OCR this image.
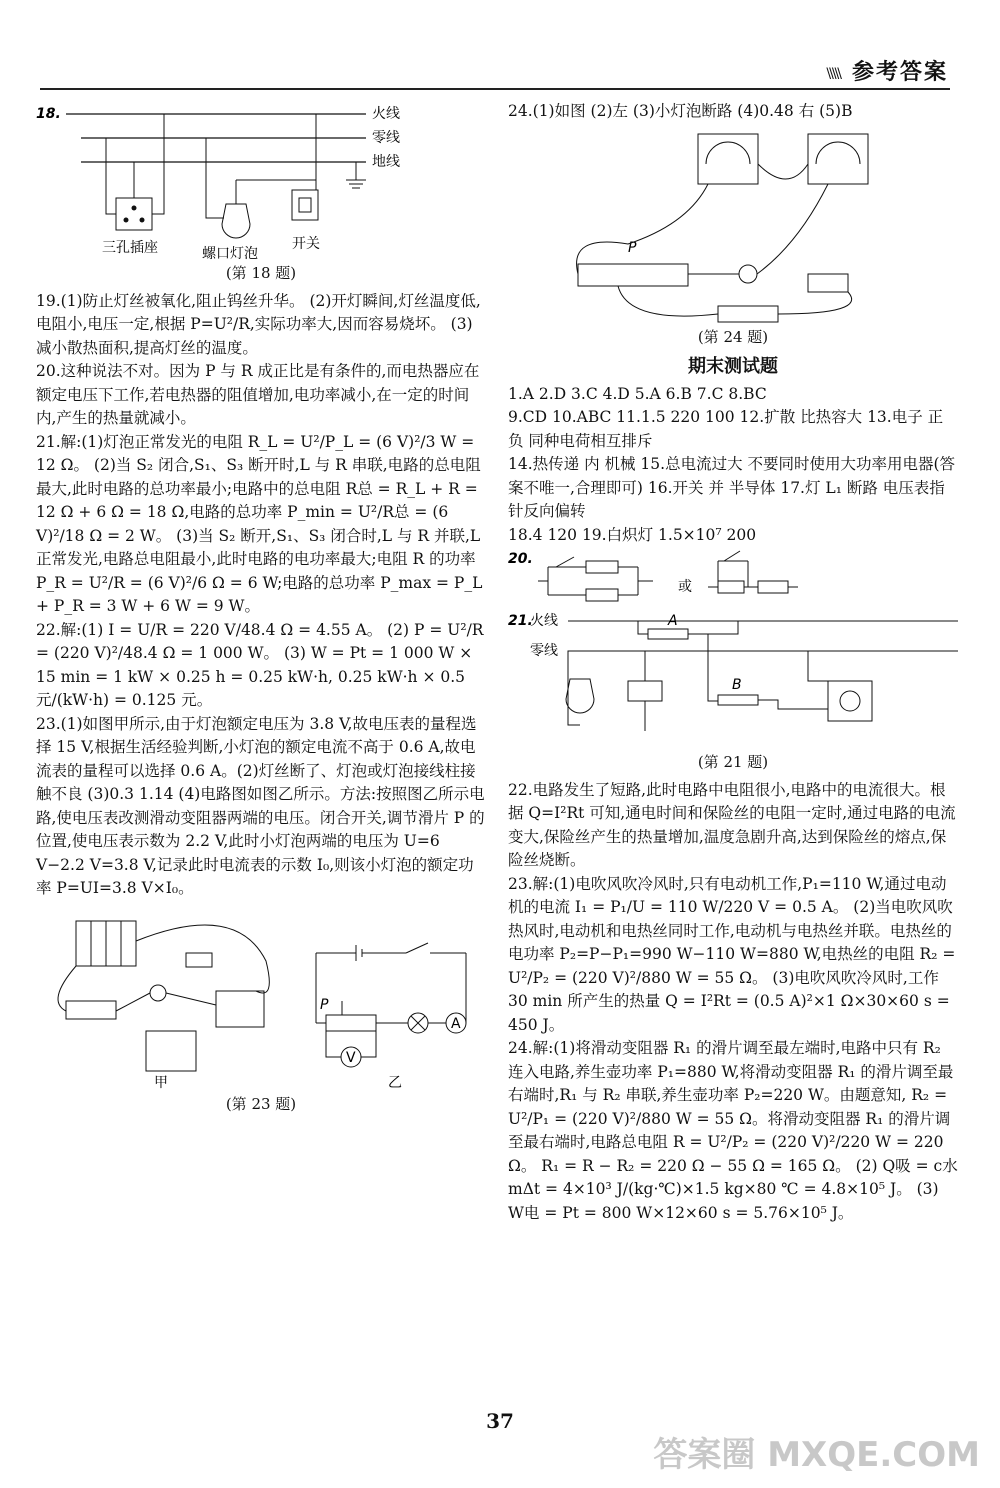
\\\\\ 参考答案
18.	火线
零线
地线
三孔插座	螺口灯泡
开关

(第 18 题)

19.(1)防止灯丝被氧化,阻止钨丝升华。 (2)开灯瞬间,灯丝温度低,电阻小,电压一定,根据 P=U²/R,实际功率大,因而容易烧坏。 (3)减小散热面积,提高灯丝的温度。

20.这种说法不对。因为 P 与 R 成正比是有条件的,而电热器应在额定电压下工作,若电热器的阻值增加,电功率减小,在一定的时间内,产生的热量就减小。

21.解:(1)灯泡正常发光的电阻 R_L = U²/P_L = (6 V)²/3 W = 12 Ω。 (2)当 S₂ 闭合,S₁、S₃ 断开时,L 与 R 串联,电路的总电阻最大,此时电路的总功率最小;电路中的总电阻 R总 = R_L + R = 12 Ω + 6 Ω = 18 Ω,电路的总功率 P_min = U²/R总 = (6 V)²/18 Ω = 2 W。 (3)当 S₂ 断开,S₁、S₃ 闭合时,L 与 R 并联,L 正常发光,电路总电阻最小,此时电路的电功率最大;电阻 R 的功率 P_R = U²/R = (6 V)²/6 Ω = 6 W;电路的总功率 P_max = P_L + P_R = 3 W + 6 W = 9 W。

22.解:(1) I = U/R = 220 V/48.4 Ω = 4.55 A。 (2) P = U²/R = (220 V)²/48.4 Ω = 1 000 W。 (3) W = Pt = 1 000 W × 15 min = 1 kW × 0.25 h = 0.25 kW·h, 0.25 kW·h × 0.5 元/(kW·h) = 0.125 元。

23.(1)如图甲所示,由于灯泡额定电压为 3.8 V,故电压表的量程选择 15 V,根据生活经验判断,小灯泡的额定电流不高于 0.6 A,故电流表的量程可以选择 0.6 A。(2)灯丝断了、灯泡或灯泡接线柱接触不良 (3)0.3 1.14 (4)电路图如图乙所示。方法:按照图乙所示电路,使电压表改测滑动变阻器两端的电压。闭合开关,调节滑片 P 的位置,使电压表示数为 2.2 V,此时小灯泡两端的电压为 U=6 V−2.2 V=3.8 V,记录此时电流表的示数 I₀,则该小灯泡的额定功率 P=UI=3.8 V×I₀。

甲
P
A
V
乙

(第 23 题)

24.(1)如图 (2)左 (3)小灯泡断路 (4)0.48 右 (5)B

P

(第 24 题)

期末测试题

1.A 2.D 3.C 4.D 5.A 6.B 7.C 8.BC

9.CD 10.ABC 11.1.5 220 100 12.扩散 比热容大 13.电子 正 负 同种电荷相互排斥

14.热传递 内 机械 15.总电流过大 不要同时使用大功率用电器(答案不唯一,合理即可) 16.开关 并 半导体 17.灯 L₁ 断路 电压表指针反向偏转

18.4 120 19.白炽灯 1.5×10⁷ 200

20.
或
21.
火线
零线
A
B

(第 21 题)

22.电路发生了短路,此时电路中电阻很小,电路中的电流很大。根据 Q=I²Rt 可知,通电时间和保险丝的电阻一定时,通过电路的电流变大,保险丝产生的热量增加,温度急剧升高,达到保险丝的熔点,保险丝烧断。

23.解:(1)电吹风吹冷风时,只有电动机工作,P₁=110 W,通过电动机的电流 I₁ = P₁/U = 110 W/220 V = 0.5 A。 (2)当电吹风吹热风时,电动机和电热丝同时工作,电动机与电热丝并联。电热丝的电功率 P₂=P−P₁=990 W−110 W=880 W,电热丝的电阻 R₂ = U²/P₂ = (220 V)²/880 W = 55 Ω。 (3)电吹风吹冷风时,工作 30 min 所产生的热量 Q = I²Rt = (0.5 A)²×1 Ω×30×60 s = 450 J。

24.解:(1)将滑动变阻器 R₁ 的滑片调至最左端时,电路中只有 R₂ 连入电路,养生壶功率 P₁=880 W,将滑动变阻器 R₁ 的滑片调至最右端时,R₁ 与 R₂ 串联,养生壶功率 P₂=220 W。由题意知, R₂ = U²/P₁ = (220 V)²/880 W = 55 Ω。将滑动变阻器 R₁ 的滑片调至最右端时,电路总电阻 R = U²/P₂ = (220 V)²/220 W = 220 Ω。 R₁ = R − R₂ = 220 Ω − 55 Ω = 165 Ω。 (2) Q吸 = c水mΔt = 4×10³ J/(kg·℃)×1.5 kg×80 ℃ = 4.8×10⁵ J。 (3) W电 = Pt = 800 W×12×60 s = 5.76×10⁵ J。

37
答案圈 MXQE.COM
